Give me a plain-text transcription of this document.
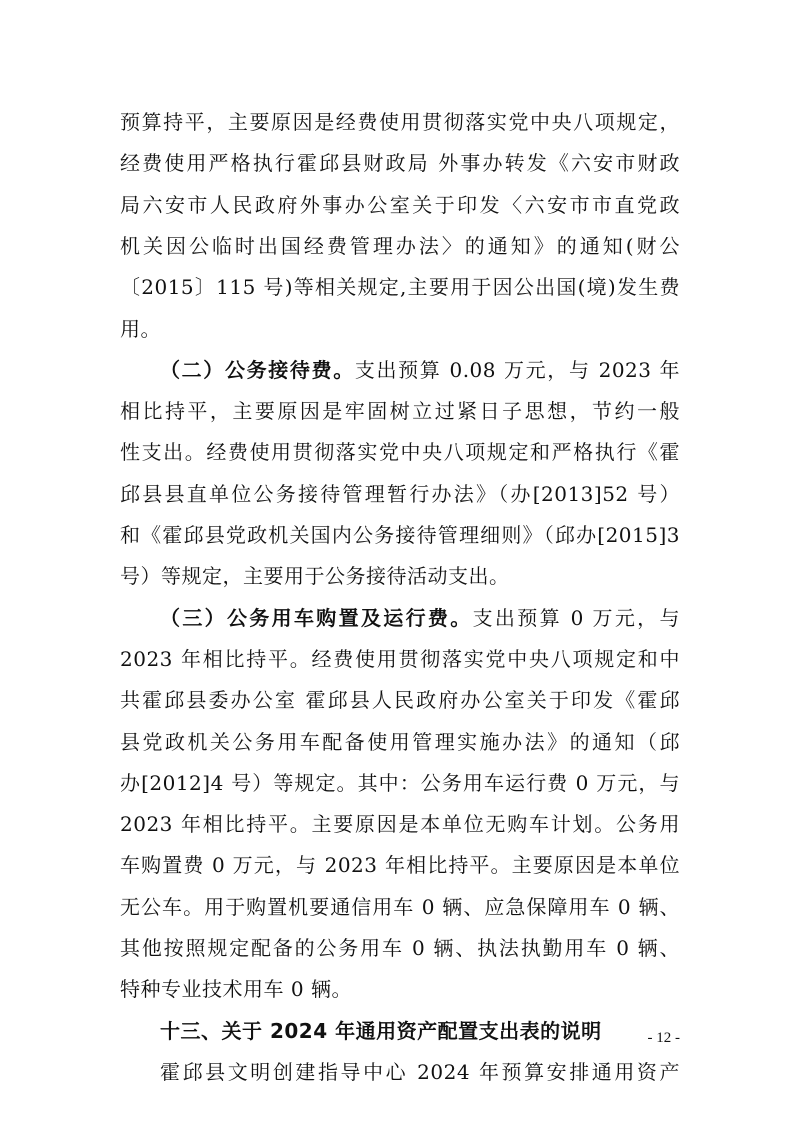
预算持平，主要原因是经费使用贯彻落实党中央八项规定，
经费使用严格执行霍邱县财政局 外事办转发《六安市财政
局六安市人民政府外事办公室关于印发〈六安市市直党政
机关因公临时出国经费管理办法〉的通知》的通知(财公
〔2015〕115 号)等相关规定,主要用于因公出国(境)发生费
用。
（二）公务接待费。支出预算 0.08 万元，与 2023 年
相比持平，主要原因是牢固树立过紧日子思想，节约一般
性支出。经费使用贯彻落实党中央八项规定和严格执行《霍
邱县县直单位公务接待管理暂行办法》（办[2013]52 号）
和《霍邱县党政机关国内公务接待管理细则》（邱办[2015]3
号）等规定，主要用于公务接待活动支出。
（三）公务用车购置及运行费。支出预算 0 万元，与
2023 年相比持平。经费使用贯彻落实党中央八项规定和中
共霍邱县委办公室 霍邱县人民政府办公室关于印发《霍邱
县党政机关公务用车配备使用管理实施办法》的通知（邱
办[2012]4 号）等规定。其中：公务用车运行费 0 万元，与
2023 年相比持平。主要原因是本单位无购车计划。公务用
车购置费 0 万元，与 2023 年相比持平。主要原因是本单位
无公车。用于购置机要通信用车 0 辆、应急保障用车 0 辆、
其他按照规定配备的公务用车 0 辆、执法执勤用车 0 辆、
特种专业技术用车 0 辆。
十三、关于 2024 年通用资产配置支出表的说明
霍邱县文明创建指导中心 2024 年预算安排通用资产
- 12 -
